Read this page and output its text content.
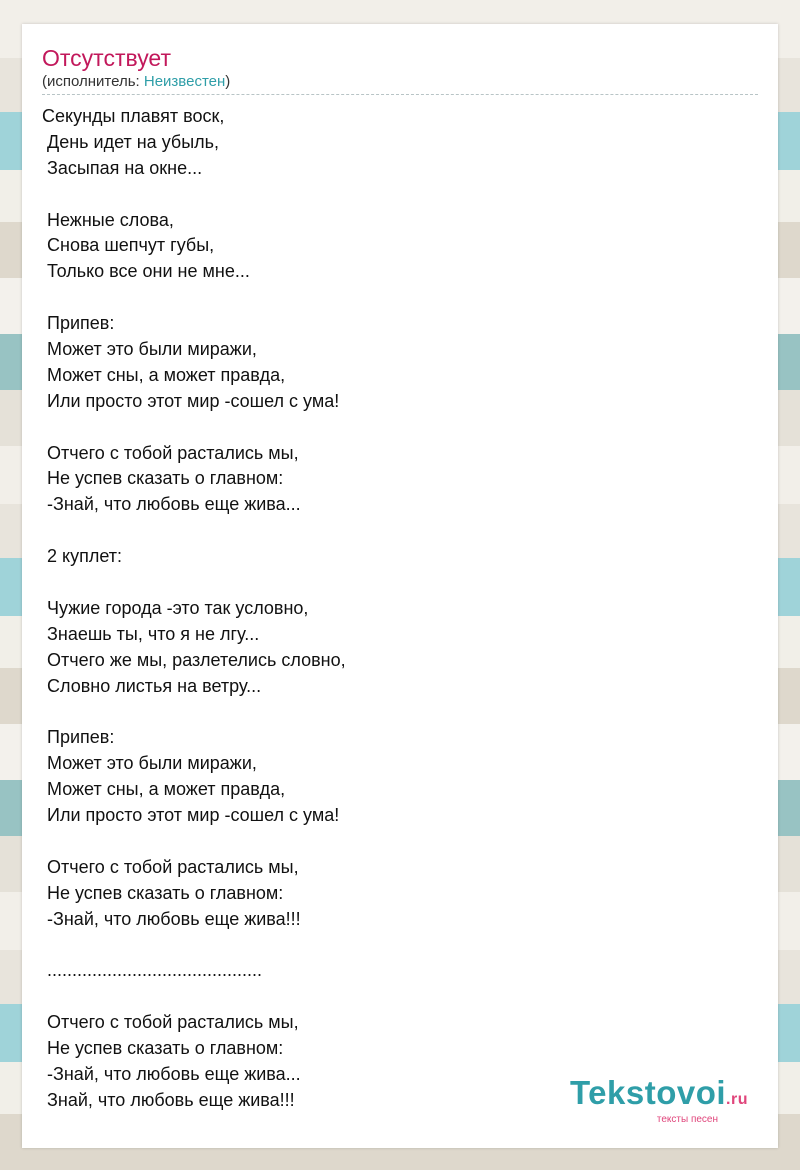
Отсутствует
(исполнитель: Неизвестен)
Секунды плавят воск,
День идет на убыль,
Засыпая на окне...
Нежные слова,
Снова шепчут губы,
Только все они не мне...
Припев:
Может это были миражи,
Может сны, а может правда,
Или просто этот мир -сошел с ума!
Отчего с тобой растались мы,
Не успев сказать о главном:
-Знай, что любовь еще жива...
2 куплет:
Чужие города -это так условно,
Знаешь ты, что я не лгу...
Отчего же мы, разлетелись словно,
Словно листья на ветру...
Припев:
Может это были миражи,
Может сны, а может правда,
Или просто этот мир -сошел с ума!
Отчего с тобой растались мы,
Не успев сказать о главном:
-Знай, что любовь еще жива!!!
...........................................
Отчего с тобой растались мы,
Не успев сказать о главном:
-Знай, что любовь еще жива...
Знай, что любовь еще жива!!!	Tekstovoi.ru
тексты песен
